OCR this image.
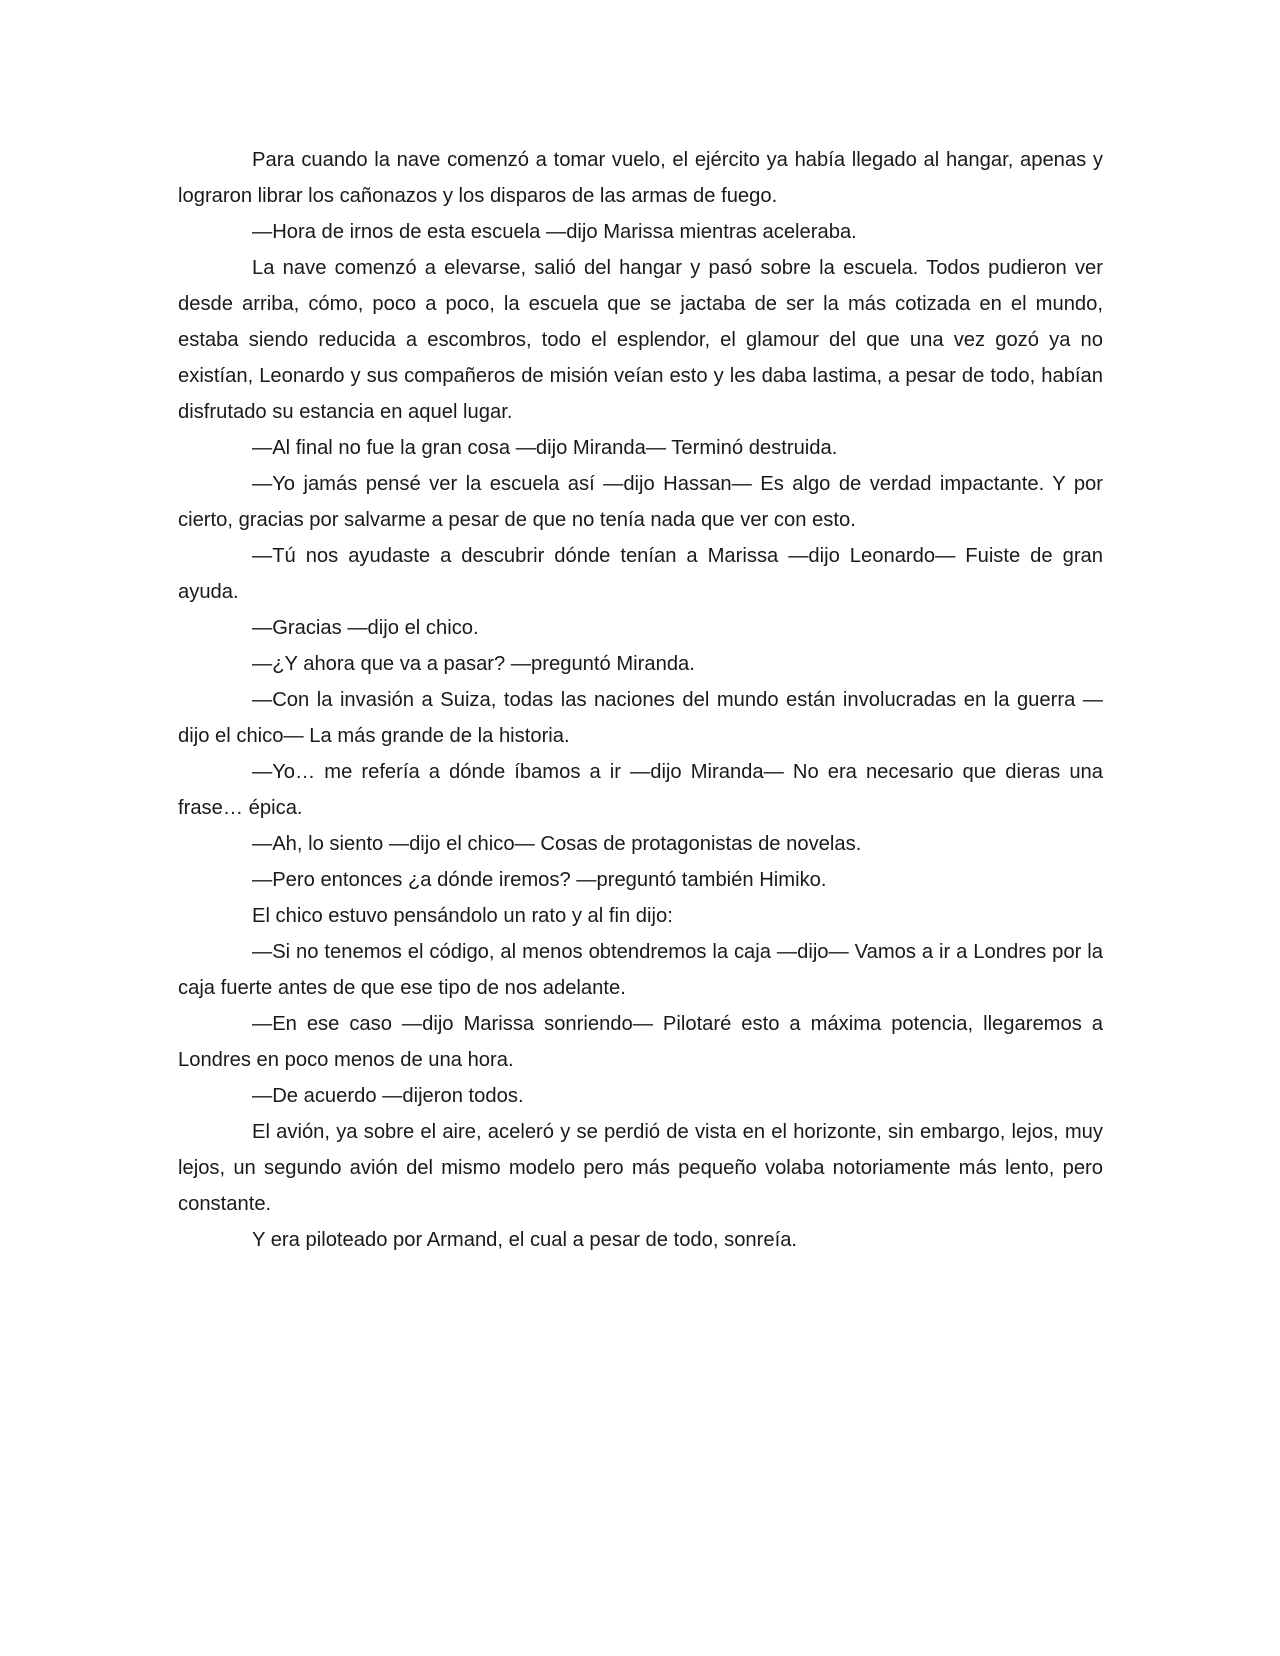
Para cuando la nave comenzó a tomar vuelo, el ejército ya había llegado al hangar, apenas y lograron librar los cañonazos y los disparos de las armas de fuego.

—Hora de irnos de esta escuela —dijo Marissa mientras aceleraba.

La nave comenzó a elevarse, salió del hangar y pasó sobre la escuela. Todos pudieron ver desde arriba, cómo, poco a poco, la escuela que se jactaba de ser la más cotizada en el mundo, estaba siendo reducida a escombros, todo el esplendor, el glamour del que una vez gozó ya no existían, Leonardo y sus compañeros de misión veían esto y les daba lastima, a pesar de todo, habían disfrutado su estancia en aquel lugar.

—Al final no fue la gran cosa —dijo Miranda— Terminó destruida.

—Yo jamás pensé ver la escuela así —dijo Hassan— Es algo de verdad impactante. Y por cierto, gracias por salvarme a pesar de que no tenía nada que ver con esto.

—Tú nos ayudaste a descubrir dónde tenían a Marissa —dijo Leonardo— Fuiste de gran ayuda.

—Gracias —dijo el chico.

—¿Y ahora que va a pasar? —preguntó Miranda.

—Con la invasión a Suiza, todas las naciones del mundo están involucradas en la guerra —dijo el chico— La más grande de la historia.

—Yo… me refería a dónde íbamos a ir —dijo Miranda— No era necesario que dieras una frase… épica.

—Ah, lo siento —dijo el chico— Cosas de protagonistas de novelas.

—Pero entonces ¿a dónde iremos? —preguntó también Himiko.

El chico estuvo pensándolo un rato y al fin dijo:

—Si no tenemos el código, al menos obtendremos la caja —dijo— Vamos a ir a Londres por la caja fuerte antes de que ese tipo de nos adelante.

—En ese caso —dijo Marissa sonriendo— Pilotaré esto a máxima potencia, llegaremos a Londres en poco menos de una hora.

—De acuerdo —dijeron todos.

El avión, ya sobre el aire, aceleró y se perdió de vista en el horizonte, sin embargo, lejos, muy lejos, un segundo avión del mismo modelo pero más pequeño volaba notoriamente más lento, pero constante.

Y era piloteado por Armand, el cual a pesar de todo, sonreía.
